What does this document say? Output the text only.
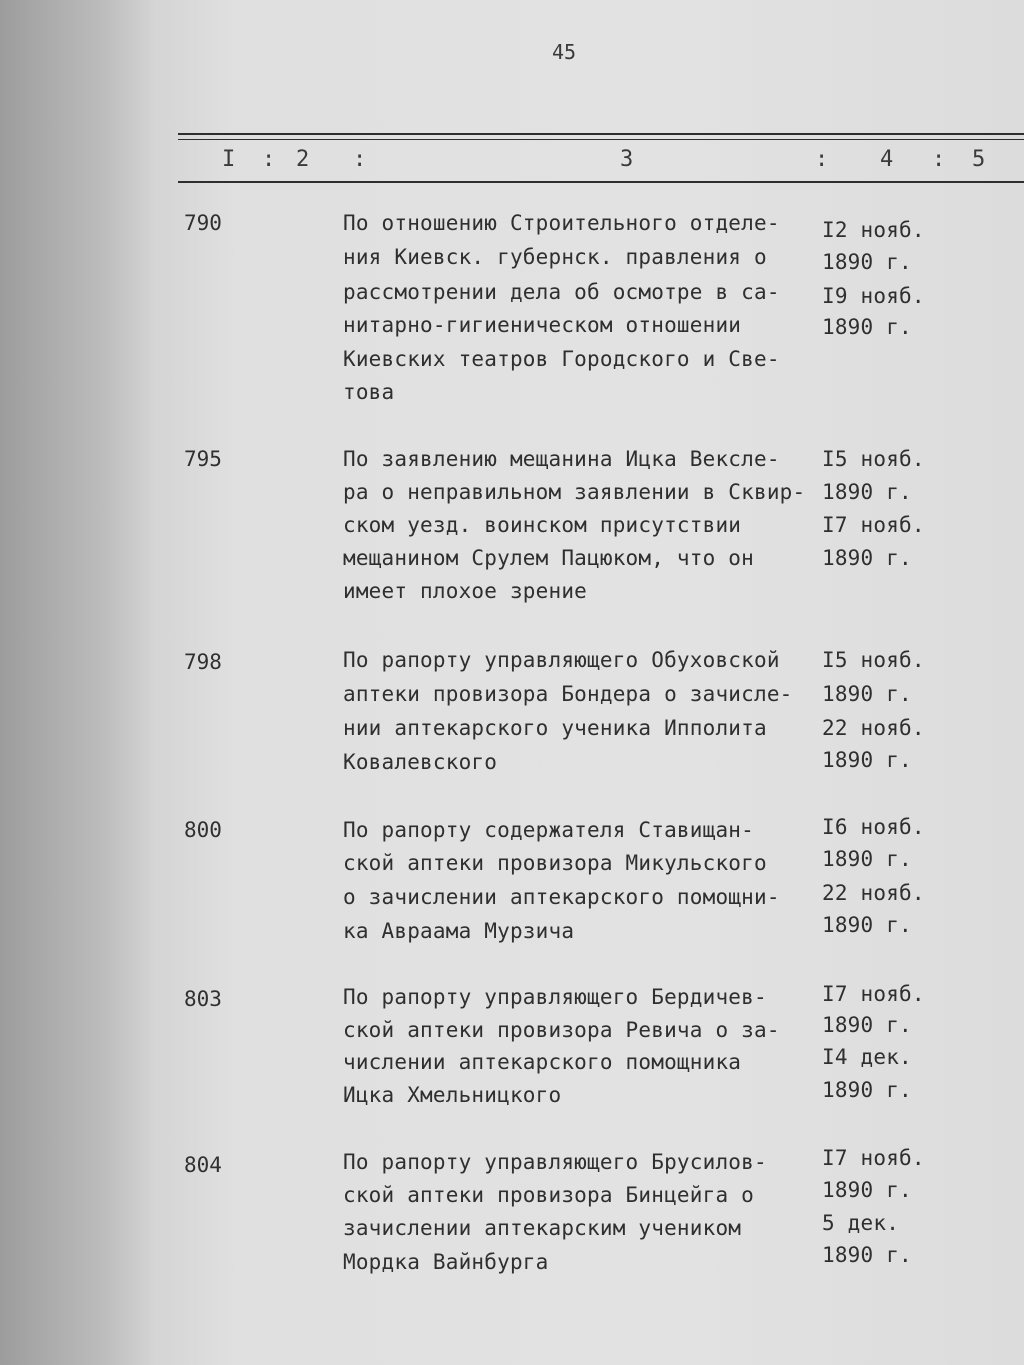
45
I : 2 :	3	: 4 : 5
790	По отношению Строительного отделе-
ния Киевск. губернск. правления о
рассмотрении дела об осмотре в са-
нитарно-гигиеническом отношении
Киевских театров Городского и Свe-
това
I2 нояб.
1890 г.
I9 нояб.
1890 г.
795	По заявлению мещанина Ицка Вексле-
ра о неправильном заявлении в Сквир-
ском уезд. воинском присутствии
мещанином Срулем Пацюком, что он
имеет плохое зрение
I5 нояб.
1890 г.
I7 нояб.
1890 г.
798	По рапорту управляющего Обуховской
аптеки провизора Бондера о зачисле-
нии аптекарского ученика Ипполита
Ковалевского
I5 нояб.
1890 г.
22 нояб.
1890 г.
800	По рапорту содержателя Ставищан-
ской аптеки провизора Микульского
о зачислении аптекарского помощни-
ка Авраама Мурзича
I6 нояб.
1890 г.
22 нояб.
1890 г.
803	По рапорту управляющего Бердичев-
ской аптеки провизора Ревича о за-
числении аптекарского помощника
Ицка Хмельницкого
I7 нояб.
1890 г.
I4 дек.
1890 г.
804	По рапорту управляющего Брусилов-
ской аптеки провизора Бинцейга о
зачислении аптекарским учеником
Мордка Вайнбурга
I7 нояб.
1890 г.
5 дек.
1890 г.
